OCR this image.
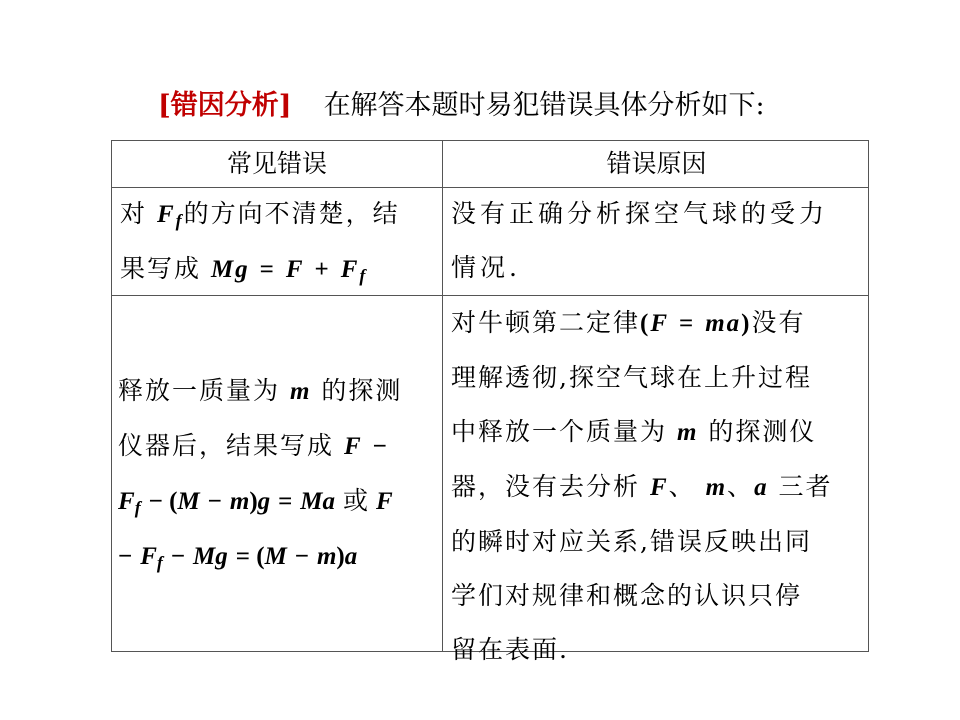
[错因分析] 在解答本题时易犯错误具体分析如下:
常见错误	错误原因
对 $F_f$的方向不清楚，结
果写成 $Mg = F + F_f$
没有正确分析探空气球的受力
情况.
释放一质量为 m 的探测
仪器后，结果写成 F −
$F_f - (M - m)g = Ma$ 或 F
− $F_f - Mg = (M - m)a$
对牛顿第二定律(F = ma)没有
理解透彻,探空气球在上升过程
中释放一个质量为 m 的探测仪
器，没有去分析 F、 m、a 三者
的瞬时对应关系,错误反映出同
学们对规律和概念的认识只停
留在表面.
